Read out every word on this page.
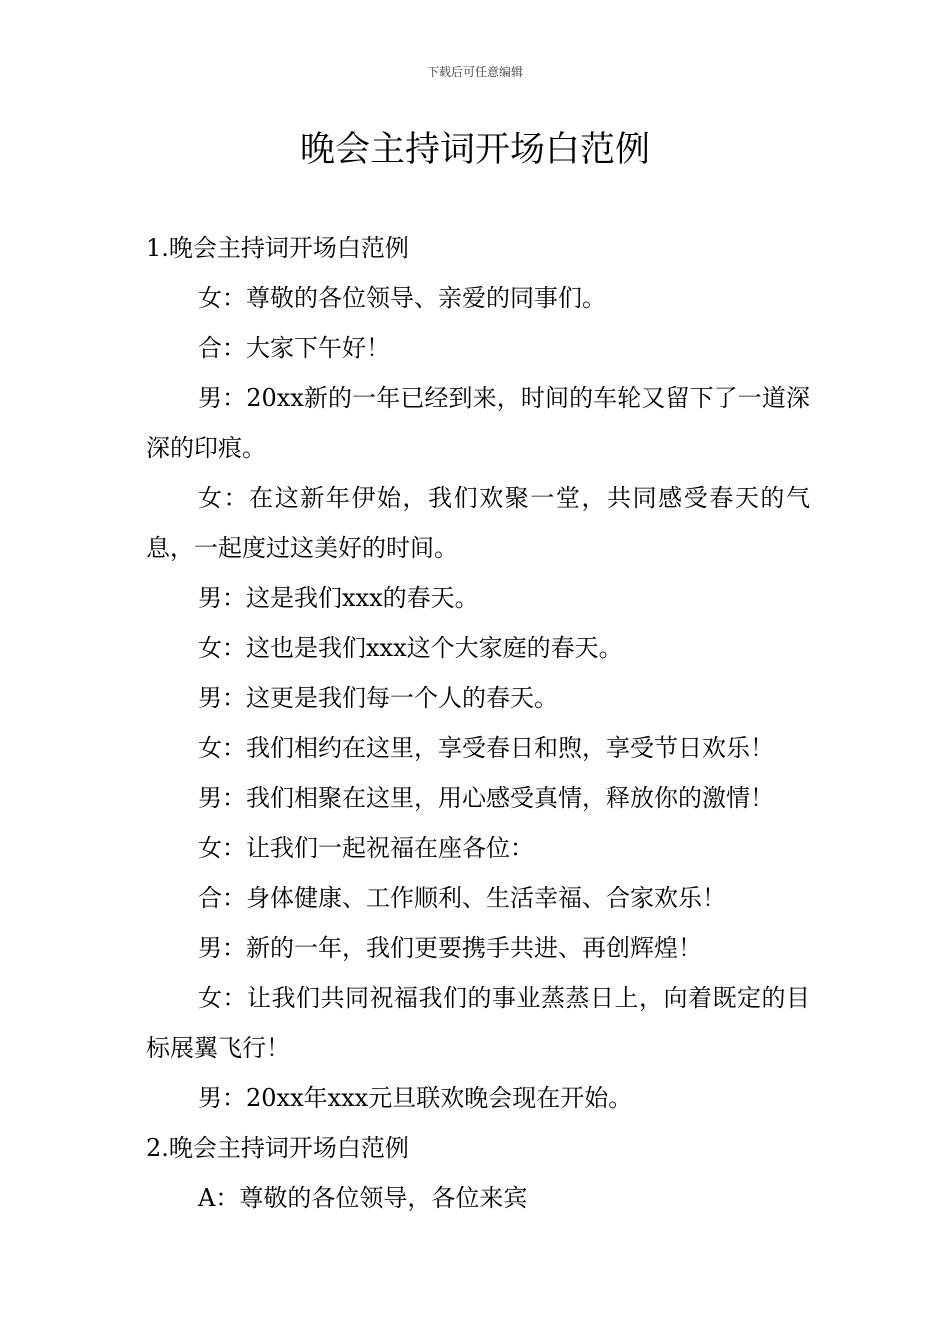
下载后可任意编辑
晚会主持词开场白范例

1.晚会主持词开场白范例

女：尊敬的各位领导、亲爱的同事们。

合：大家下午好！

男：20xx新的一年已经到来，时间的车轮又留下了一道深深的印痕。

女：在这新年伊始，我们欢聚一堂，共同感受春天的气息，一起度过这美好的时间。

男：这是我们xxx的春天。

女：这也是我们xxx这个大家庭的春天。

男：这更是我们每一个人的春天。

女：我们相约在这里，享受春日和煦，享受节日欢乐！

男：我们相聚在这里，用心感受真情，释放你的激情！

女：让我们一起祝福在座各位：

合：身体健康、工作顺利、生活幸福、合家欢乐！

男：新的一年，我们更要携手共进、再创辉煌！

女：让我们共同祝福我们的事业蒸蒸日上，向着既定的目标展翼飞行！

男：20xx年xxx元旦联欢晚会现在开始。

2.晚会主持词开场白范例

A：尊敬的各位领导，各位来宾
